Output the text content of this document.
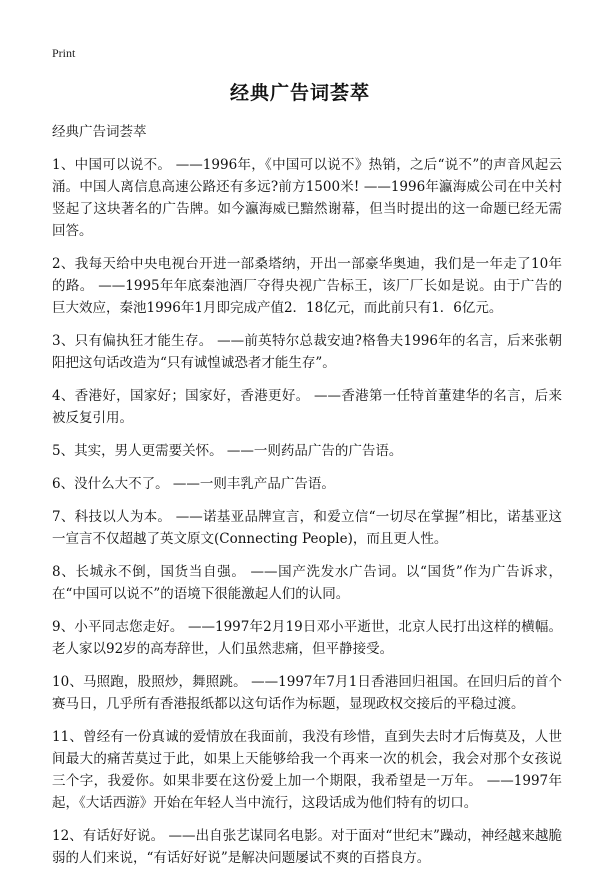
Print
经典广告词荟萃

经典广告词荟萃

1、中国可以说不。 ——1996年，《中国可以说不》热销，之后“说不”的声音风起云涌。中国人离信息高速公路还有多远?前方1500米! ——1996年瀛海威公司在中关村竖起了这块著名的广告牌。如今瀛海威已黯然谢幕，但当时提出的这一命题已经无需回答。

2、我每天给中央电视台开进一部桑塔纳，开出一部豪华奥迪，我们是一年走了10年的路。 ——1995年年底秦池酒厂夺得央视广告标王，该厂厂长如是说。由于广告的巨大效应，秦池1996年1月即完成产值2．18亿元，而此前只有1．6亿元。

3、只有偏执狂才能生存。 ——前英特尔总裁安迪?格鲁夫1996年的名言，后来张朝阳把这句话改造为“只有诚惶诚恐者才能生存”。

4、香港好，国家好；国家好，香港更好。 ——香港第一任特首董建华的名言，后来被反复引用。

5、其实，男人更需要关怀。 ——一则药品广告的广告语。

6、没什么大不了。 ——一则丰乳产品广告语。

7、科技以人为本。 ——诺基亚品牌宣言，和爱立信“一切尽在掌握”相比，诺基亚这一宣言不仅超越了英文原文(Connecting People)，而且更人性。

8、长城永不倒，国货当自强。 ——国产洗发水广告词。以“国货”作为广告诉求，在“中国可以说不”的语境下很能激起人们的认同。

9、小平同志您走好。 ——1997年2月19日邓小平逝世，北京人民打出这样的横幅。老人家以92岁的高寿辞世，人们虽然悲痛，但平静接受。

10、马照跑，股照炒，舞照跳。 ——1997年7月1日香港回归祖国。在回归后的首个赛马日，几乎所有香港报纸都以这句话作为标题，显现政权交接后的平稳过渡。

11、曾经有一份真诚的爱情放在我面前，我没有珍惜，直到失去时才后悔莫及，人世间最大的痛苦莫过于此，如果上天能够给我一个再来一次的机会，我会对那个女孩说三个字，我爱你。如果非要在这份爱上加一个期限，我希望是一万年。 ——1997年起，《大话西游》开始在年轻人当中流行，这段话成为他们特有的切口。

12、有话好好说。 ——出自张艺谋同名电影。对于面对“世纪末”躁动，神经越来越脆弱的人们来说，“有话好好说”是解决问题屡试不爽的百搭良方。
